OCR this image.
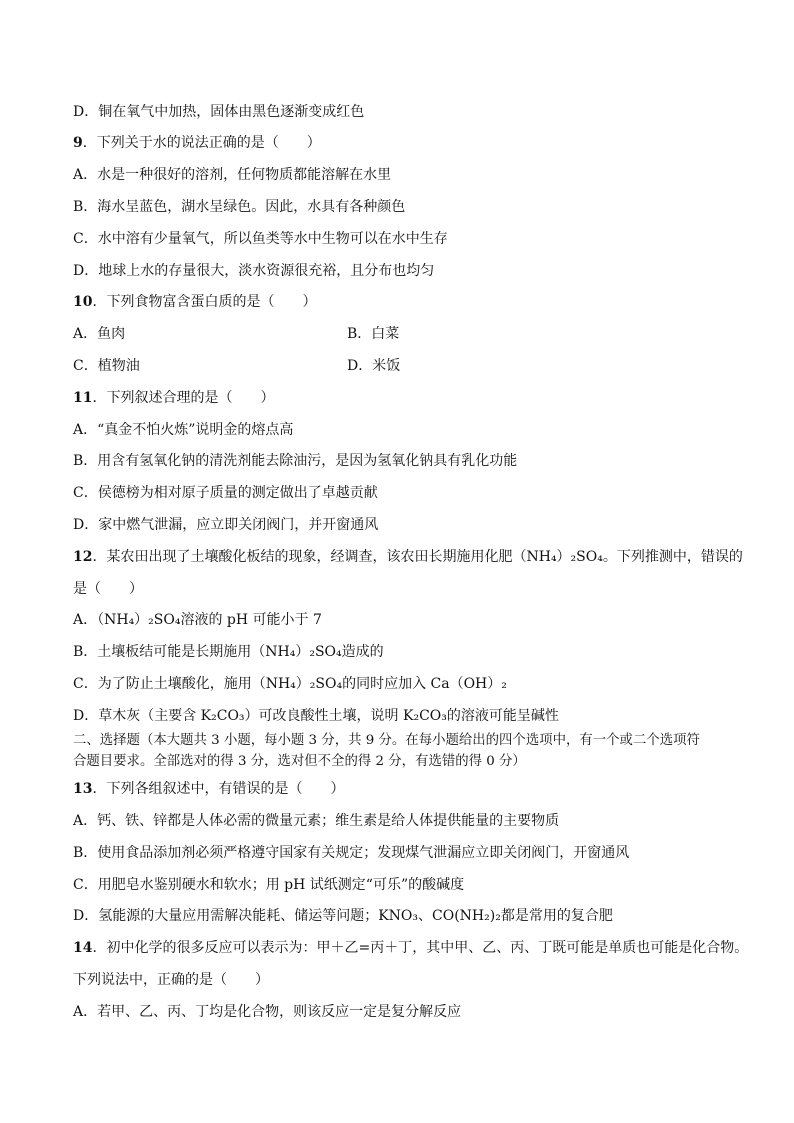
D．铜在氧气中加热，固体由黑色逐渐变成红色
9．下列关于水的说法正确的是（　　）
A．水是一种很好的溶剂，任何物质都能溶解在水里
B．海水呈蓝色，湖水呈绿色。因此，水具有各种颜色
C．水中溶有少量氧气，所以鱼类等水中生物可以在水中生存
D．地球上水的存量很大，淡水资源很充裕，且分布也均匀
10．下列食物富含蛋白质的是（　　）
A．鱼肉	B．白菜
C．植物油	D．米饭
11．下列叙述合理的是（　　）
A．“真金不怕火炼”说明金的熔点高
B．用含有氢氧化钠的清洗剂能去除油污，是因为氢氧化钠具有乳化功能
C．侯德榜为相对原子质量的测定做出了卓越贡献
D．家中燃气泄漏，应立即关闭阀门，并开窗通风
12．某农田出现了土壤酸化板结的现象，经调查，该农田长期施用化肥（NH₄）₂SO₄。下列推测中，错误的
是（　　）
A．（NH₄）₂SO₄溶液的 pH 可能小于 7
B．土壤板结可能是长期施用（NH₄）₂SO₄造成的
C．为了防止土壤酸化，施用（NH₄）₂SO₄的同时应加入 Ca（OH）₂
D．草木灰（主要含 K₂CO₃）可改良酸性土壤，说明 K₂CO₃的溶液可能呈碱性
二、选择题（本大题共 3 小题，每小题 3 分，共 9 分。在每小题给出的四个选项中，有一个或二个选项符
合题目要求。全部选对的得 3 分，选对但不全的得 2 分，有选错的得 0 分）
13．下列各组叙述中，有错误的是（　　）
A．钙、铁、锌都是人体必需的微量元素；维生素是给人体提供能量的主要物质
B．使用食品添加剂必须严格遵守国家有关规定；发现煤气泄漏应立即关闭阀门，开窗通风
C．用肥皂水鉴别硬水和软水；用 pH 试纸测定“可乐”的酸碱度
D．氢能源的大量应用需解决能耗、储运等问题；KNO₃、CO(NH₂)₂都是常用的复合肥
14．初中化学的很多反应可以表示为：甲＋乙=丙＋丁，其中甲、乙、丙、丁既可能是单质也可能是化合物。
下列说法中，正确的是（　　）
A．若甲、乙、丙、丁均是化合物，则该反应一定是复分解反应
